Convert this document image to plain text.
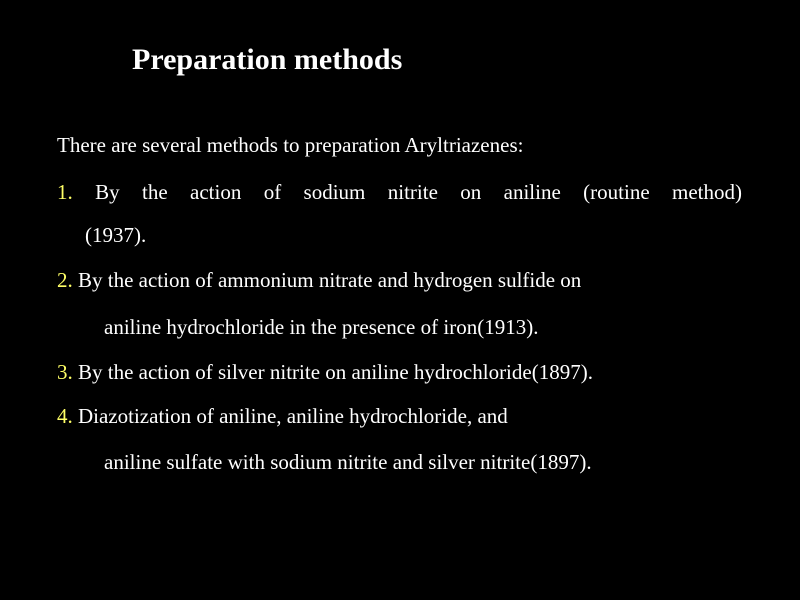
Preparation methods
There are several methods to preparation Aryltriazenes:
1. By the action of sodium nitrite on aniline (routine method)
(1937).
2. By the action of ammonium nitrate and hydrogen sulfide on
aniline hydrochloride in the presence of iron(1913).
3. By the action of silver nitrite on aniline hydrochloride(1897).
4. Diazotization of aniline, aniline hydrochloride, and
aniline sulfate with sodium nitrite and silver nitrite(1897).
